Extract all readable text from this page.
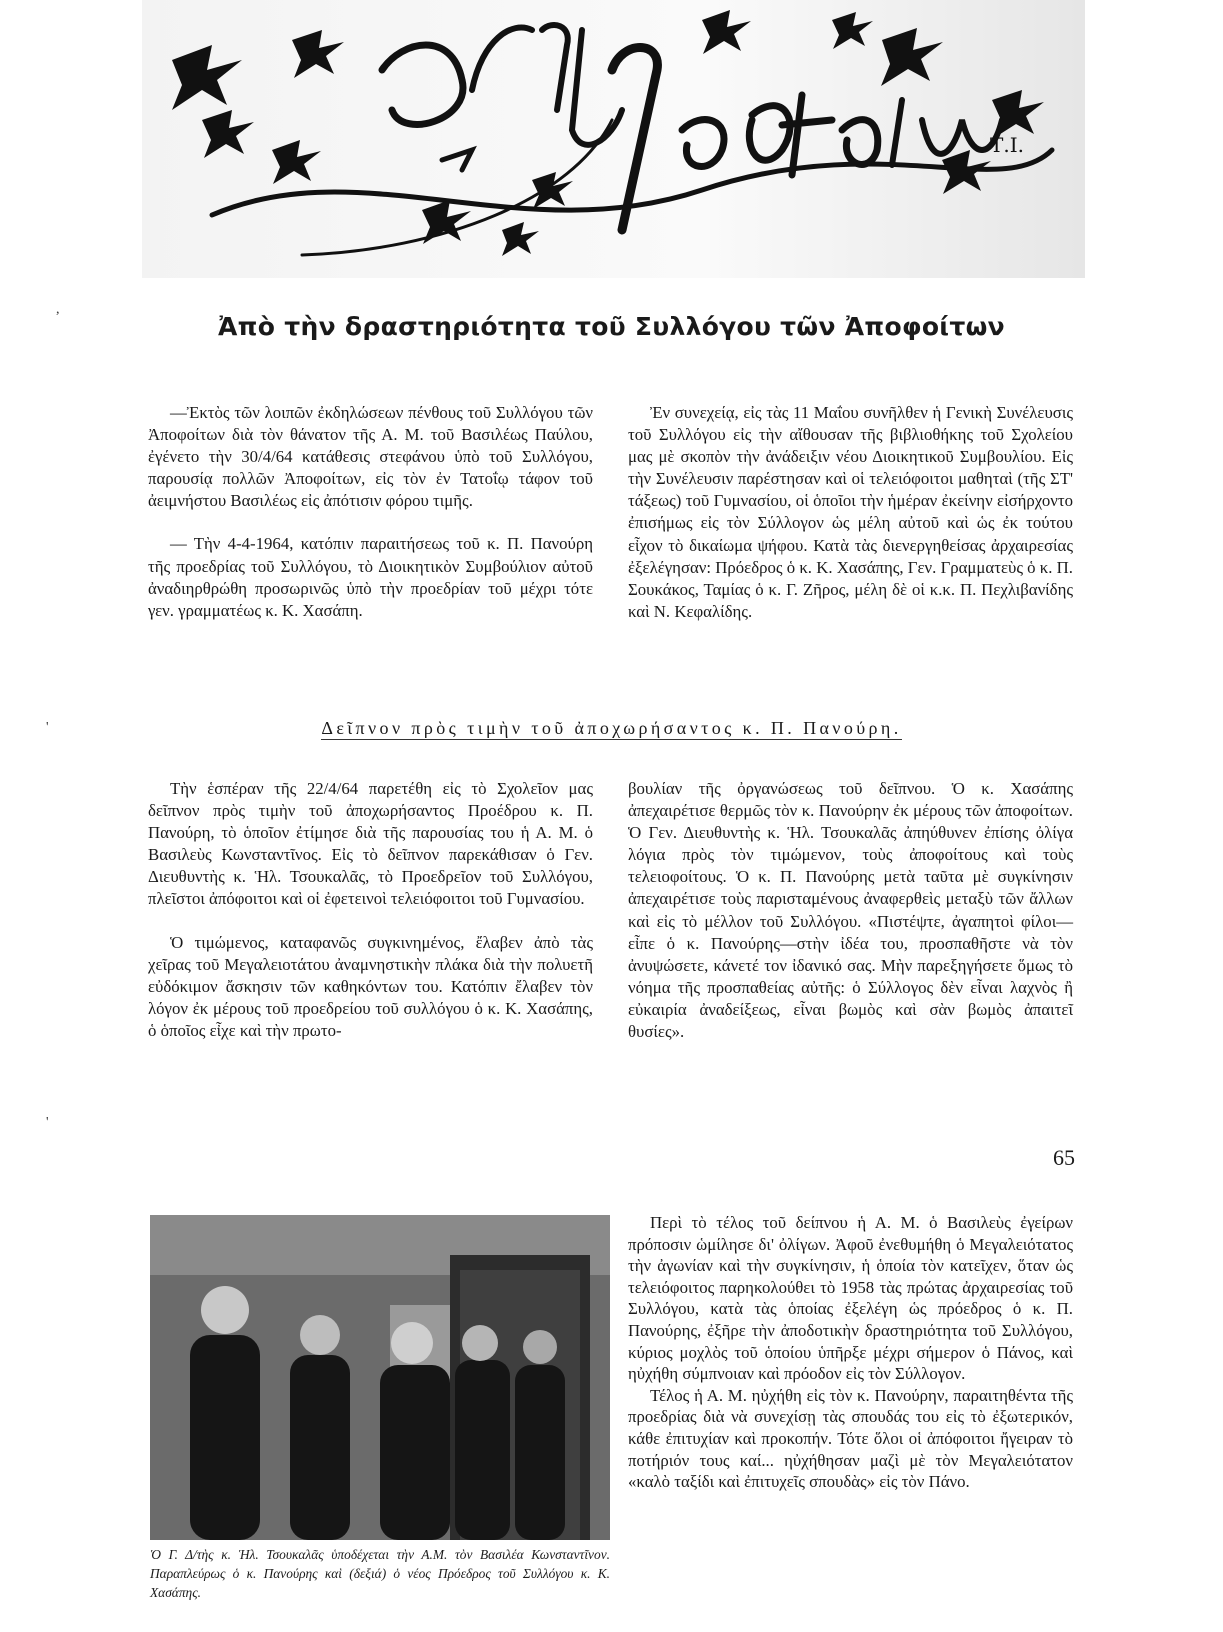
Τ.Ι.
,
'
'
Ἀπὸ τὴν δραστηριότητα τοῦ Συλλόγου τῶν Ἀποφοίτων

—Ἐκτὸς τῶν λοιπῶν ἐκδηλώσεων πένθους τοῦ Συλλόγου τῶν Ἀποφοίτων διὰ τὸν θάνατον τῆς Α. Μ. τοῦ Βασιλέως Παύλου, ἐγένετο τὴν 30/4/64 κατάθεσις στεφάνου ὑπὸ τοῦ Συλλόγου, παρουσίᾳ πολλῶν Ἀποφοίτων, εἰς τὸν ἐν Τατοΐῳ τάφον τοῦ ἀειμνήστου Βασιλέως εἰς ἀπότισιν φόρου τιμῆς.

— Τὴν 4-4-1964, κατόπιν παραιτήσεως τοῦ κ. Π. Πανούρη τῆς προεδρίας τοῦ Συλλόγου, τὸ Διοικητικὸν Συμβούλιον αὐτοῦ ἀναδιηρθρώθη προσωρινῶς ὑπὸ τὴν προεδρίαν τοῦ μέχρι τότε γεν. γραμματέως κ. Κ. Χασάπη.

Ἐν συνεχείᾳ, εἰς τὰς 11 Μαΐου συνῆλθεν ἡ Γενικὴ Συνέλευσις τοῦ Συλλόγου εἰς τὴν αἴθουσαν τῆς βιβλιοθήκης τοῦ Σχολείου μας μὲ σκοπὸν τὴν ἀνάδειξιν νέου Διοικητικοῦ Συμβουλίου. Εἰς τὴν Συνέλευσιν παρέστησαν καὶ οἱ τελειόφοιτοι μαθηταὶ (τῆς ΣΤ' τάξεως) τοῦ Γυμνασίου, οἱ ὁποῖοι τὴν ἡμέραν ἐκείνην εἰσήρχοντο ἐπισήμως εἰς τὸν Σύλλογον ὡς μέλη αὐτοῦ καὶ ὡς ἐκ τούτου εἶχον τὸ δικαίωμα ψήφου. Κατὰ τὰς διενεργηθείσας ἀρχαιρεσίας ἐξελέγησαν: Πρόεδρος ὁ κ. Κ. Χασάπης, Γεν. Γραμματεὺς ὁ κ. Π. Σουκάκος, Ταμίας ὁ κ. Γ. Ζῆρος, μέλη δὲ οἱ κ.κ. Π. Πεχλιβανίδης καὶ Ν. Κεφαλίδης.

Δεῖπνον πρὸς τιμὴν τοῦ ἀποχωρήσαντος κ. Π. Πανούρη.

Τὴν ἑσπέραν τῆς 22/4/64 παρετέθη εἰς τὸ Σχολεῖον μας δεῖπνον πρὸς τιμὴν τοῦ ἀποχωρήσαντος Προέδρου κ. Π. Πανούρη, τὸ ὁποῖον ἐτίμησε διὰ τῆς παρουσίας του ἡ Α. Μ. ὁ Βασιλεὺς Κωνσταντῖνος. Εἰς τὸ δεῖπνον παρεκάθισαν ὁ Γεν. Διευθυντὴς κ. Ἡλ. Τσουκαλᾶς, τὸ Προεδρεῖον τοῦ Συλλόγου, πλεῖστοι ἀπόφοιτοι καὶ οἱ ἐφετεινοὶ τελειόφοιτοι τοῦ Γυμνασίου.

Ὁ τιμώμενος, καταφανῶς συγκινημένος, ἔλαβεν ἀπὸ τὰς χεῖρας τοῦ Μεγαλειοτάτου ἀναμνηστικὴν πλάκα διὰ τὴν πολυετῆ εὐδόκιμον ἄσκησιν τῶν καθηκόντων του. Κατόπιν ἔλαβεν τὸν λόγον ἐκ μέρους τοῦ προεδρείου τοῦ συλλόγου ὁ κ. Κ. Χασάπης, ὁ ὁποῖος εἶχε καὶ τὴν πρωτο-

βουλίαν τῆς ὀργανώσεως τοῦ δεῖπνου. Ὁ κ. Χασάπης ἀπεχαιρέτισε θερμῶς τὸν κ. Πανούρην ἐκ μέρους τῶν ἀποφοίτων. Ὁ Γεν. Διευθυντὴς κ. Ἡλ. Τσουκαλᾶς ἀπηύθυνεν ἐπίσης ὀλίγα λόγια πρὸς τὸν τιμώμενον, τοὺς ἀποφοίτους καὶ τοὺς τελειοφοίτους. Ὁ κ. Π. Πανούρης μετὰ ταῦτα μὲ συγκίνησιν ἀπεχαιρέτισε τοὺς παρισταμένους ἀναφερθεὶς μεταξὺ τῶν ἄλλων καὶ εἰς τὸ μέλλον τοῦ Συλλόγου. «Πιστέψτε, ἀγαπητοὶ φίλοι— εἶπε ὁ κ. Πανούρης—στὴν ἰδέα του, προσπαθῆστε νὰ τὸν ἀνυψώσετε, κάνετέ τον ἰδανικό σας. Μὴν παρεξηγήσετε ὅμως τὸ νόημα τῆς προσπαθείας αὐτῆς: ὁ Σύλλογος δὲν εἶναι λαχνὸς ἢ εὐκαιρία ἀναδείξεως, εἶναι βωμὸς καὶ σὰν βωμὸς ἀπαιτεῖ θυσίες».

65
Ὁ Γ. Δ/τὴς κ. Ἡλ. Τσουκαλᾶς ὑποδέχεται τὴν Α.Μ. τὸν Βασιλέα Κωνσταντῖνον. Παραπλεύρως ὁ κ. Πανούρης καὶ (δεξιά) ὁ νέος Πρόεδρος τοῦ Συλλόγου κ. Κ. Χασάπης.

Περὶ τὸ τέλος τοῦ δείπνου ἡ Α. Μ. ὁ Βασιλεὺς ἐγείρων πρόποσιν ὡμίλησε δι' ὀλίγων. Ἀφοῦ ἐνεθυμήθη ὁ Μεγαλειότατος τὴν ἀγωνίαν καὶ τὴν συγκίνησιν, ἡ ὁποία τὸν κατεῖχεν, ὅταν ὡς τελειόφοιτος παρηκολούθει τὸ 1958 τὰς πρώτας ἀρχαιρεσίας τοῦ Συλλόγου, κατὰ τὰς ὁποίας ἐξελέγη ὡς πρόεδρος ὁ κ. Π. Πανούρης, ἐξῆρε τὴν ἀποδοτικὴν δραστηριότητα τοῦ Συλλόγου, κύριος μοχλὸς τοῦ ὁποίου ὑπῆρξε μέχρι σήμερον ὁ Πάνος, καὶ ηὐχήθη σύμπνοιαν καὶ πρόοδον εἰς τὸν Σύλλογον.

Τέλος ἡ Α. Μ. ηὐχήθη εἰς τὸν κ. Πανούρην, παραιτηθέντα τῆς προεδρίας διὰ νὰ συνεχίσῃ τὰς σπουδάς του εἰς τὸ ἐξωτερικόν, κάθε ἐπιτυχίαν καὶ προκοπήν. Τότε ὅλοι οἱ ἀπόφοιτοι ἤγειραν τὸ ποτήριόν τους καί... ηὐχήθησαν μαζὶ μὲ τὸν Μεγαλειότατον «καλὸ ταξίδι καὶ ἐπιτυχεῖς σπουδὰς» εἰς τὸν Πάνο.
